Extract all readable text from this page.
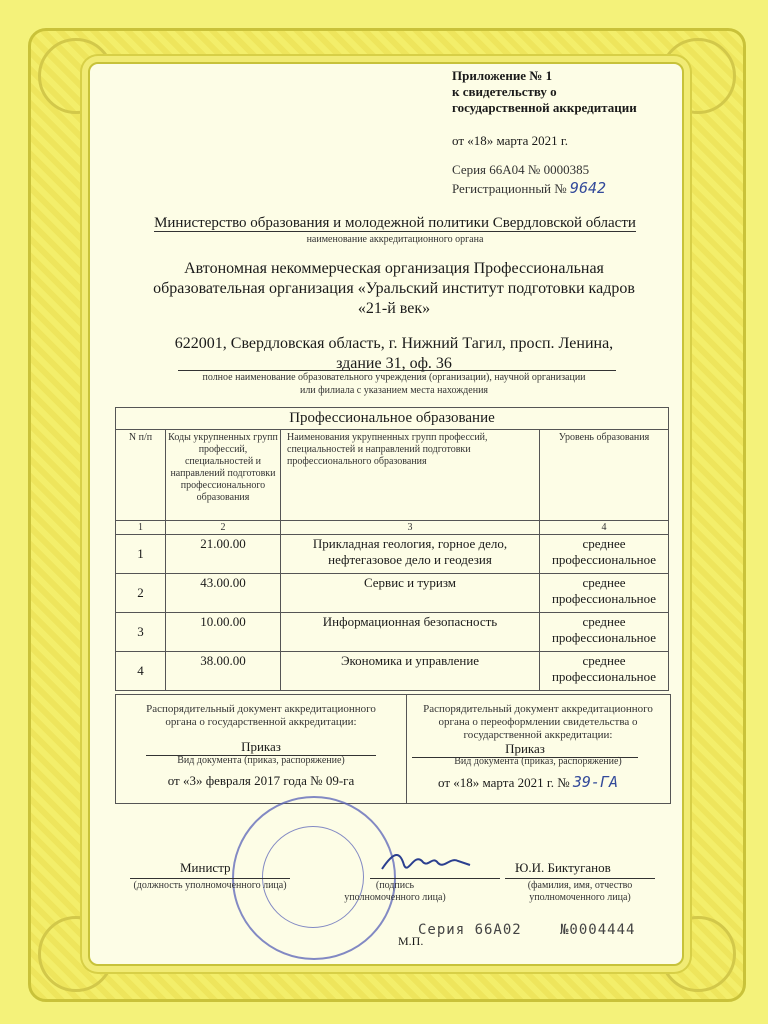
Приложение № 1
к свидетельству о
государственной аккредитации
от «18» марта 2021 г.
Серия 66А04 № 0000385
Регистрационный № 9642
Министерство образования и молодежной политики Свердловской области
наименование аккредитационного органа
Автономная некоммерческая организация Профессиональная
образовательная организация «Уральский институт подготовки кадров
«21-й век»
622001, Свердловская область, г. Нижний Тагил, просп. Ленина,
здание 31, оф. 36
полное наименование образовательного учреждения (организации), научной организации
или филиала с указанием места нахождения
Профессиональное образование			
N п/п	Коды укрупненных групп профессий, специальностей и направлений подготовки профессионального образования	Наименования укрупненных групп профессий, специальностей и направлений подготовки профессионального образования	Уровень образования
1	2	3	4
1	21.00.00	Прикладная геология, горное дело, нефтегазовое дело и геодезия	среднее профессиональное
2	43.00.00	Сервис и туризм	среднее профессиональное
3	10.00.00	Информационная безопасность	среднее профессиональное
4	38.00.00	Экономика и управление	среднее профессиональное
Распорядительный документ аккредитационного
органа о государственной аккредитации:
Приказ
Вид документа (приказ, распоряжение)
от «3» февраля 2017 года № 09-га
Распорядительный документ аккредитационного
органа о переоформлении свидетельства о
государственной аккредитации:
Приказ
Вид документа (приказ, распоряжение)
от «18» марта 2021 г. № 39-ГА
Министр
(должность уполномоченного лица)	(подпись
уполномоченного лица)
Ю.И. Биктуганов
(фамилия, имя, отчество
уполномоченного лица)
М.П.
Серия 66А02	№0004444
